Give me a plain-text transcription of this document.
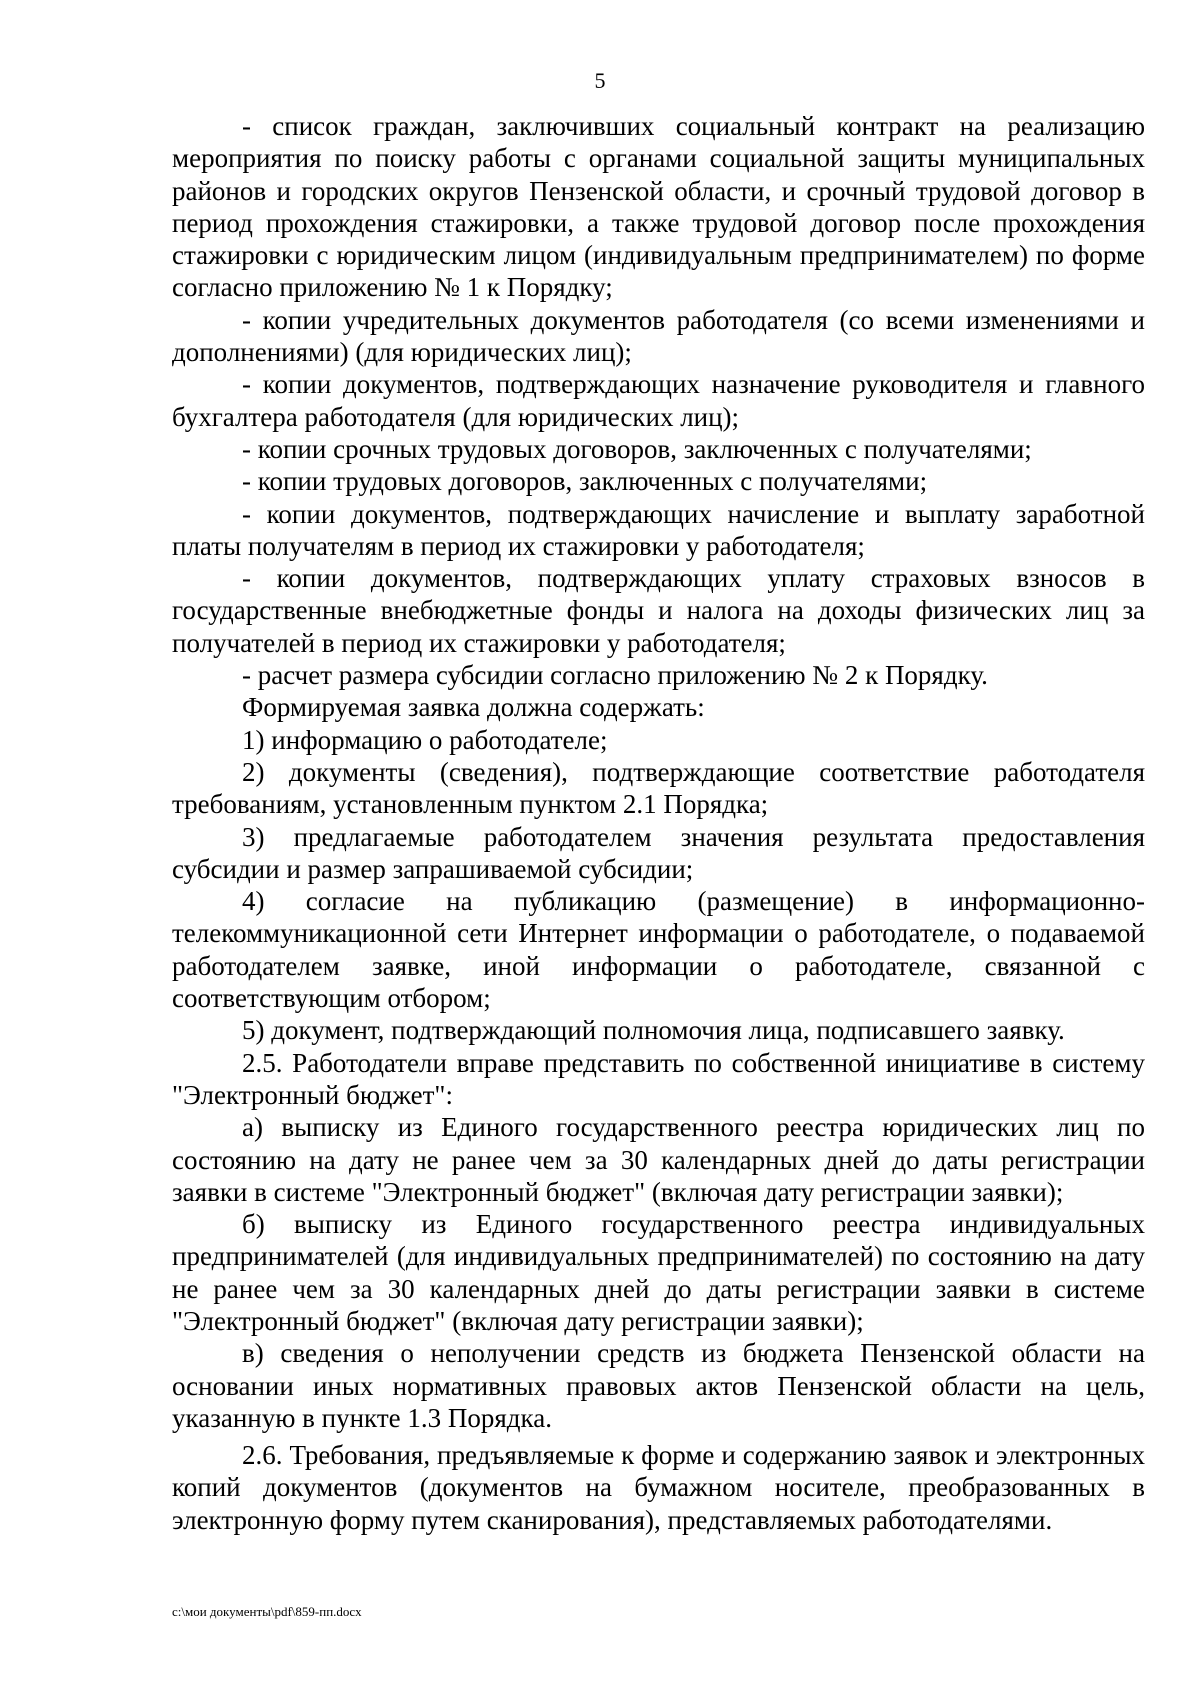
5

- список граждан, заключивших социальный контракт на реализацию мероприятия по поиску работы с органами социальной защиты муниципальных районов и городских округов Пензенской области, и срочный трудовой договор в период прохождения стажировки, а также трудовой договор после прохождения стажировки с юридическим лицом (индивидуальным предпринимателем) по форме согласно приложению № 1 к Порядку;

- копии учредительных документов работодателя (со всеми изменениями и дополнениями) (для юридических лиц);

- копии документов, подтверждающих назначение руководителя и главного бухгалтера работодателя (для юридических лиц);

- копии срочных трудовых договоров, заключенных с получателями;

- копии трудовых договоров, заключенных с получателями;

- копии документов, подтверждающих начисление и выплату заработной платы получателям в период их стажировки у работодателя;

- копии документов, подтверждающих уплату страховых взносов в государственные внебюджетные фонды и налога на доходы физических лиц за получателей в период их стажировки у работодателя;

- расчет размера субсидии согласно приложению № 2 к Порядку.

Формируемая заявка должна содержать:

1) информацию о работодателе;

2) документы (сведения), подтверждающие соответствие работодателя требованиям, установленным пунктом 2.1 Порядка;

3) предлагаемые работодателем значения результата предоставления субсидии и размер запрашиваемой субсидии;

4) согласие на публикацию (размещение) в информационно-телекоммуникационной сети Интернет информации о работодателе, о подаваемой работодателем заявке, иной информации о работодателе, связанной с соответствующим отбором;

5) документ, подтверждающий полномочия лица, подписавшего заявку.

2.5. Работодатели вправе представить по собственной инициативе в систему "Электронный бюджет":

а) выписку из Единого государственного реестра юридических лиц по состоянию на дату не ранее чем за 30 календарных дней до даты регистрации заявки в системе "Электронный бюджет" (включая дату регистрации заявки);

б) выписку из Единого государственного реестра индивидуальных предпринимателей (для индивидуальных предпринимателей) по состоянию на дату не ранее чем за 30 календарных дней до даты регистрации заявки в системе "Электронный бюджет" (включая дату регистрации заявки);

в) сведения о неполучении средств из бюджета Пензенской области на основании иных нормативных правовых актов Пензенской области на цель, указанную в пункте 1.3 Порядка.

2.6. Требования, предъявляемые к форме и содержанию заявок и электронных копий документов (документов на бумажном носителе, преобразованных в электронную форму путем сканирования), представляемых работодателями.

c:\мои документы\pdf\859-пп.docx
